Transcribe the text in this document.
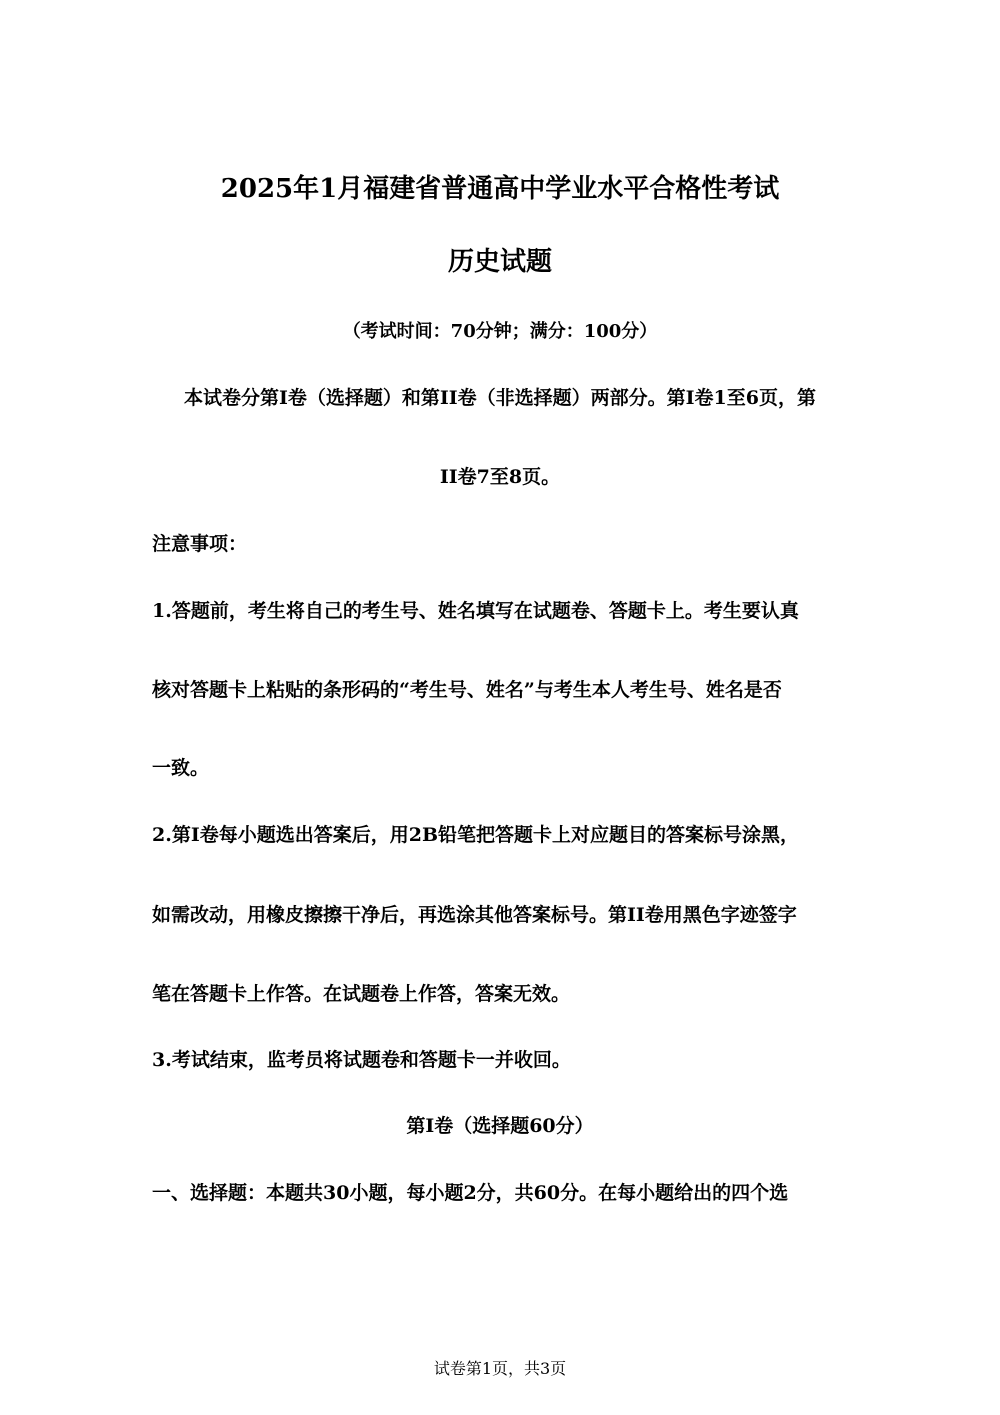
2025年1月福建省普通高中学业水平合格性考试
历史试题
（考试时间：70分钟；满分：100分）
本试卷分第I卷（选择题）和第II卷（非选择题）两部分。第I卷1至6页，第
II卷7至8页。
注意事项：
1.答题前，考生将自己的考生号、姓名填写在试题卷、答题卡上。考生要认真
核对答题卡上粘贴的条形码的“考生号、姓名”与考生本人考生号、姓名是否
一致。
2.第I卷每小题选出答案后，用2B铅笔把答题卡上对应题目的答案标号涂黑，
如需改动，用橡皮擦擦干净后，再选涂其他答案标号。第II卷用黑色字迹签字
笔在答题卡上作答。在试题卷上作答，答案无效。
3.考试结束，监考员将试题卷和答题卡一并收回。
第I卷（选择题60分）
一、选择题：本题共30小题，每小题2分，共60分。在每小题给出的四个选
试卷第1页，共3页
